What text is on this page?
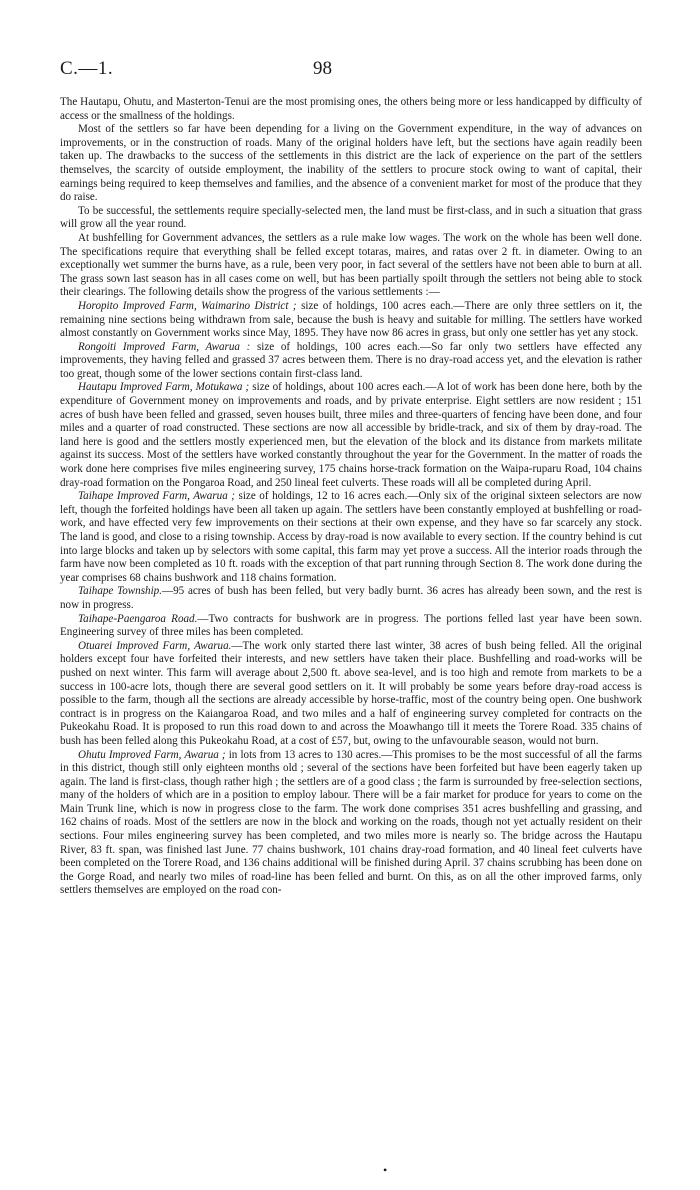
C.—1.	98

The Hautapu, Ohutu, and Masterton-Tenui are the most promising ones, the others being more or less handicapped by difficulty of access or the smallness of the holdings.

Most of the settlers so far have been depending for a living on the Government expenditure, in the way of advances on improvements, or in the construction of roads. Many of the original holders have left, but the sections have again readily been taken up. The drawbacks to the success of the settlements in this district are the lack of experience on the part of the settlers themselves, the scarcity of outside employment, the inability of the settlers to procure stock owing to want of capital, their earnings being required to keep themselves and families, and the absence of a convenient market for most of the produce that they do raise.

To be successful, the settlements require specially-selected men, the land must be first-class, and in such a situation that grass will grow all the year round.

At bushfelling for Government advances, the settlers as a rule make low wages. The work on the whole has been well done. The specifications require that everything shall be felled except totaras, maires, and ratas over 2 ft. in diameter. Owing to an exceptionally wet summer the burns have, as a rule, been very poor, in fact several of the settlers have not been able to burn at all. The grass sown last season has in all cases come on well, but has been partially spoilt through the settlers not being able to stock their clearings. The following details show the progress of the various settlements :—

Horopito Improved Farm, Waimarino District ; size of holdings, 100 acres each.—There are only three settlers on it, the remaining nine sections being withdrawn from sale, because the bush is heavy and suitable for milling. The settlers have worked almost constantly on Government works since May, 1895. They have now 86 acres in grass, but only one settler has yet any stock.

Rongoiti Improved Farm, Awarua : size of holdings, 100 acres each.—So far only two settlers have effected any improvements, they having felled and grassed 37 acres between them. There is no dray-road access yet, and the elevation is rather too great, though some of the lower sections contain first-class land.

Hautapu Improved Farm, Motukawa ; size of holdings, about 100 acres each.—A lot of work has been done here, both by the expenditure of Government money on improvements and roads, and by private enterprise. Eight settlers are now resident ; 151 acres of bush have been felled and grassed, seven houses built, three miles and three-quarters of fencing have been done, and four miles and a quarter of road constructed. These sections are now all accessible by bridle-track, and six of them by dray-road. The land here is good and the settlers mostly experienced men, but the elevation of the block and its distance from markets militate against its success. Most of the settlers have worked constantly throughout the year for the Government. In the matter of roads the work done here comprises five miles engineering survey, 175 chains horse-track formation on the Waipa-ruparu Road, 104 chains dray-road formation on the Pongaroa Road, and 250 lineal feet culverts. These roads will all be completed during April.

Taihape Improved Farm, Awarua ; size of holdings, 12 to 16 acres each.—Only six of the original sixteen selectors are now left, though the forfeited holdings have been all taken up again. The settlers have been constantly employed at bushfelling or road-work, and have effected very few improvements on their sections at their own expense, and they have so far scarcely any stock. The land is good, and close to a rising township. Access by dray-road is now available to every section. If the country behind is cut into large blocks and taken up by selectors with some capital, this farm may yet prove a success. All the interior roads through the farm have now been completed as 10 ft. roads with the exception of that part running through Section 8. The work done during the year comprises 68 chains bushwork and 118 chains formation.

Taihape Township.—95 acres of bush has been felled, but very badly burnt. 36 acres has already been sown, and the rest is now in progress.

Taihape-Paengaroa Road.—Two contracts for bushwork are in progress. The portions felled last year have been sown. Engineering survey of three miles has been completed.

Otuarei Improved Farm, Awarua.—The work only started there last winter, 38 acres of bush being felled. All the original holders except four have forfeited their interests, and new settlers have taken their place. Bushfelling and road-works will be pushed on next winter. This farm will average about 2,500 ft. above sea-level, and is too high and remote from markets to be a success in 100-acre lots, though there are several good settlers on it. It will probably be some years before dray-road access is possible to the farm, though all the sections are already accessible by horse-traffic, most of the country being open. One bushwork contract is in progress on the Kaiangaroa Road, and two miles and a half of engineering survey completed for contracts on the Pukeokahu Road. It is proposed to run this road down to and across the Moawhango till it meets the Torere Road. 335 chains of bush has been felled along this Pukeokahu Road, at a cost of £57, but, owing to the unfavourable season, would not burn.

Ohutu Improved Farm, Awarua ; in lots from 13 acres to 130 acres.—This promises to be the most successful of all the farms in this district, though still only eighteen months old ; several of the sections have been forfeited but have been eagerly taken up again. The land is first-class, though rather high ; the settlers are of a good class ; the farm is surrounded by free-selection sections, many of the holders of which are in a position to employ labour. There will be a fair market for produce for years to come on the Main Trunk line, which is now in progress close to the farm. The work done comprises 351 acres bushfelling and grassing, and 162 chains of roads. Most of the settlers are now in the block and working on the roads, though not yet actually resident on their sections. Four miles engineering survey has been completed, and two miles more is nearly so. The bridge across the Hautapu River, 83 ft. span, was finished last June. 77 chains bushwork, 101 chains dray-road formation, and 40 lineal feet culverts have been completed on the Torere Road, and 136 chains additional will be finished during April. 37 chains scrubbing has been done on the Gorge Road, and nearly two miles of road-line has been felled and burnt. On this, as on all the other improved farms, only settlers themselves are employed on the road con-

•
